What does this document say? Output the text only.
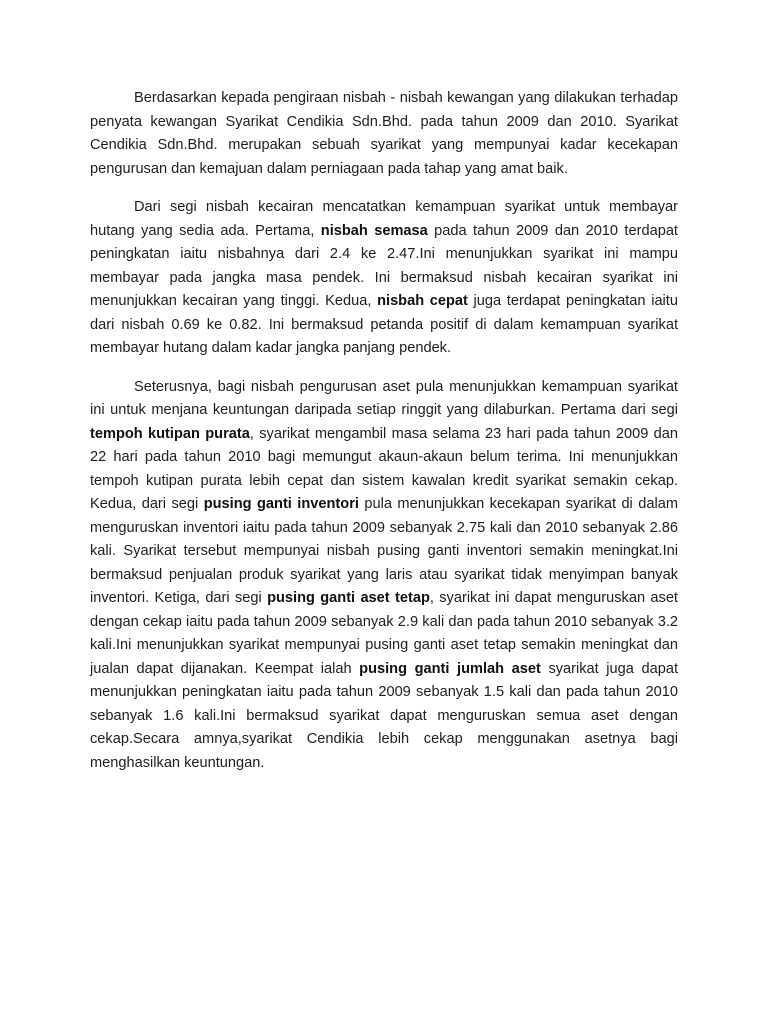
Berdasarkan kepada pengiraan nisbah - nisbah kewangan yang dilakukan terhadap penyata kewangan Syarikat Cendikia Sdn.Bhd. pada tahun 2009 dan 2010. Syarikat Cendikia Sdn.Bhd. merupakan sebuah syarikat yang mempunyai kadar kecekapan pengurusan dan kemajuan dalam perniagaan pada tahap yang amat baik.

Dari segi nisbah kecairan mencatatkan kemampuan syarikat untuk membayar hutang yang sedia ada. Pertama, nisbah semasa pada tahun 2009 dan 2010 terdapat peningkatan iaitu nisbahnya dari 2.4 ke 2.47.Ini menunjukkan syarikat ini mampu membayar pada jangka masa pendek. Ini bermaksud nisbah kecairan syarikat ini menunjukkan kecairan yang tinggi. Kedua, nisbah cepat juga terdapat peningkatan iaitu dari nisbah 0.69 ke 0.82. Ini bermaksud petanda positif di dalam kemampuan syarikat membayar hutang dalam kadar jangka panjang pendek.

Seterusnya, bagi nisbah pengurusan aset pula menunjukkan kemampuan syarikat ini untuk menjana keuntungan daripada setiap ringgit yang dilaburkan. Pertama dari segi tempoh kutipan purata, syarikat mengambil masa selama 23 hari pada tahun 2009 dan 22 hari pada tahun 2010 bagi memungut akaun-akaun belum terima. Ini menunjukkan tempoh kutipan purata lebih cepat dan sistem kawalan kredit syarikat semakin cekap. Kedua, dari segi pusing ganti inventori pula menunjukkan kecekapan syarikat di dalam menguruskan inventori iaitu pada tahun 2009 sebanyak 2.75 kali dan 2010 sebanyak 2.86 kali. Syarikat tersebut mempunyai nisbah pusing ganti inventori semakin meningkat.Ini bermaksud penjualan produk syarikat yang laris atau syarikat tidak menyimpan banyak inventori. Ketiga, dari segi pusing ganti aset tetap, syarikat ini dapat menguruskan aset dengan cekap iaitu pada tahun 2009 sebanyak 2.9 kali dan pada tahun 2010 sebanyak 3.2 kali.Ini menunjukkan syarikat mempunyai pusing ganti aset tetap semakin meningkat dan jualan dapat dijanakan. Keempat ialah pusing ganti jumlah aset syarikat juga dapat menunjukkan peningkatan iaitu pada tahun 2009 sebanyak 1.5 kali dan pada tahun 2010 sebanyak 1.6 kali.Ini bermaksud syarikat dapat menguruskan semua aset dengan cekap.Secara amnya,syarikat Cendikia lebih cekap menggunakan asetnya bagi menghasilkan keuntungan.
